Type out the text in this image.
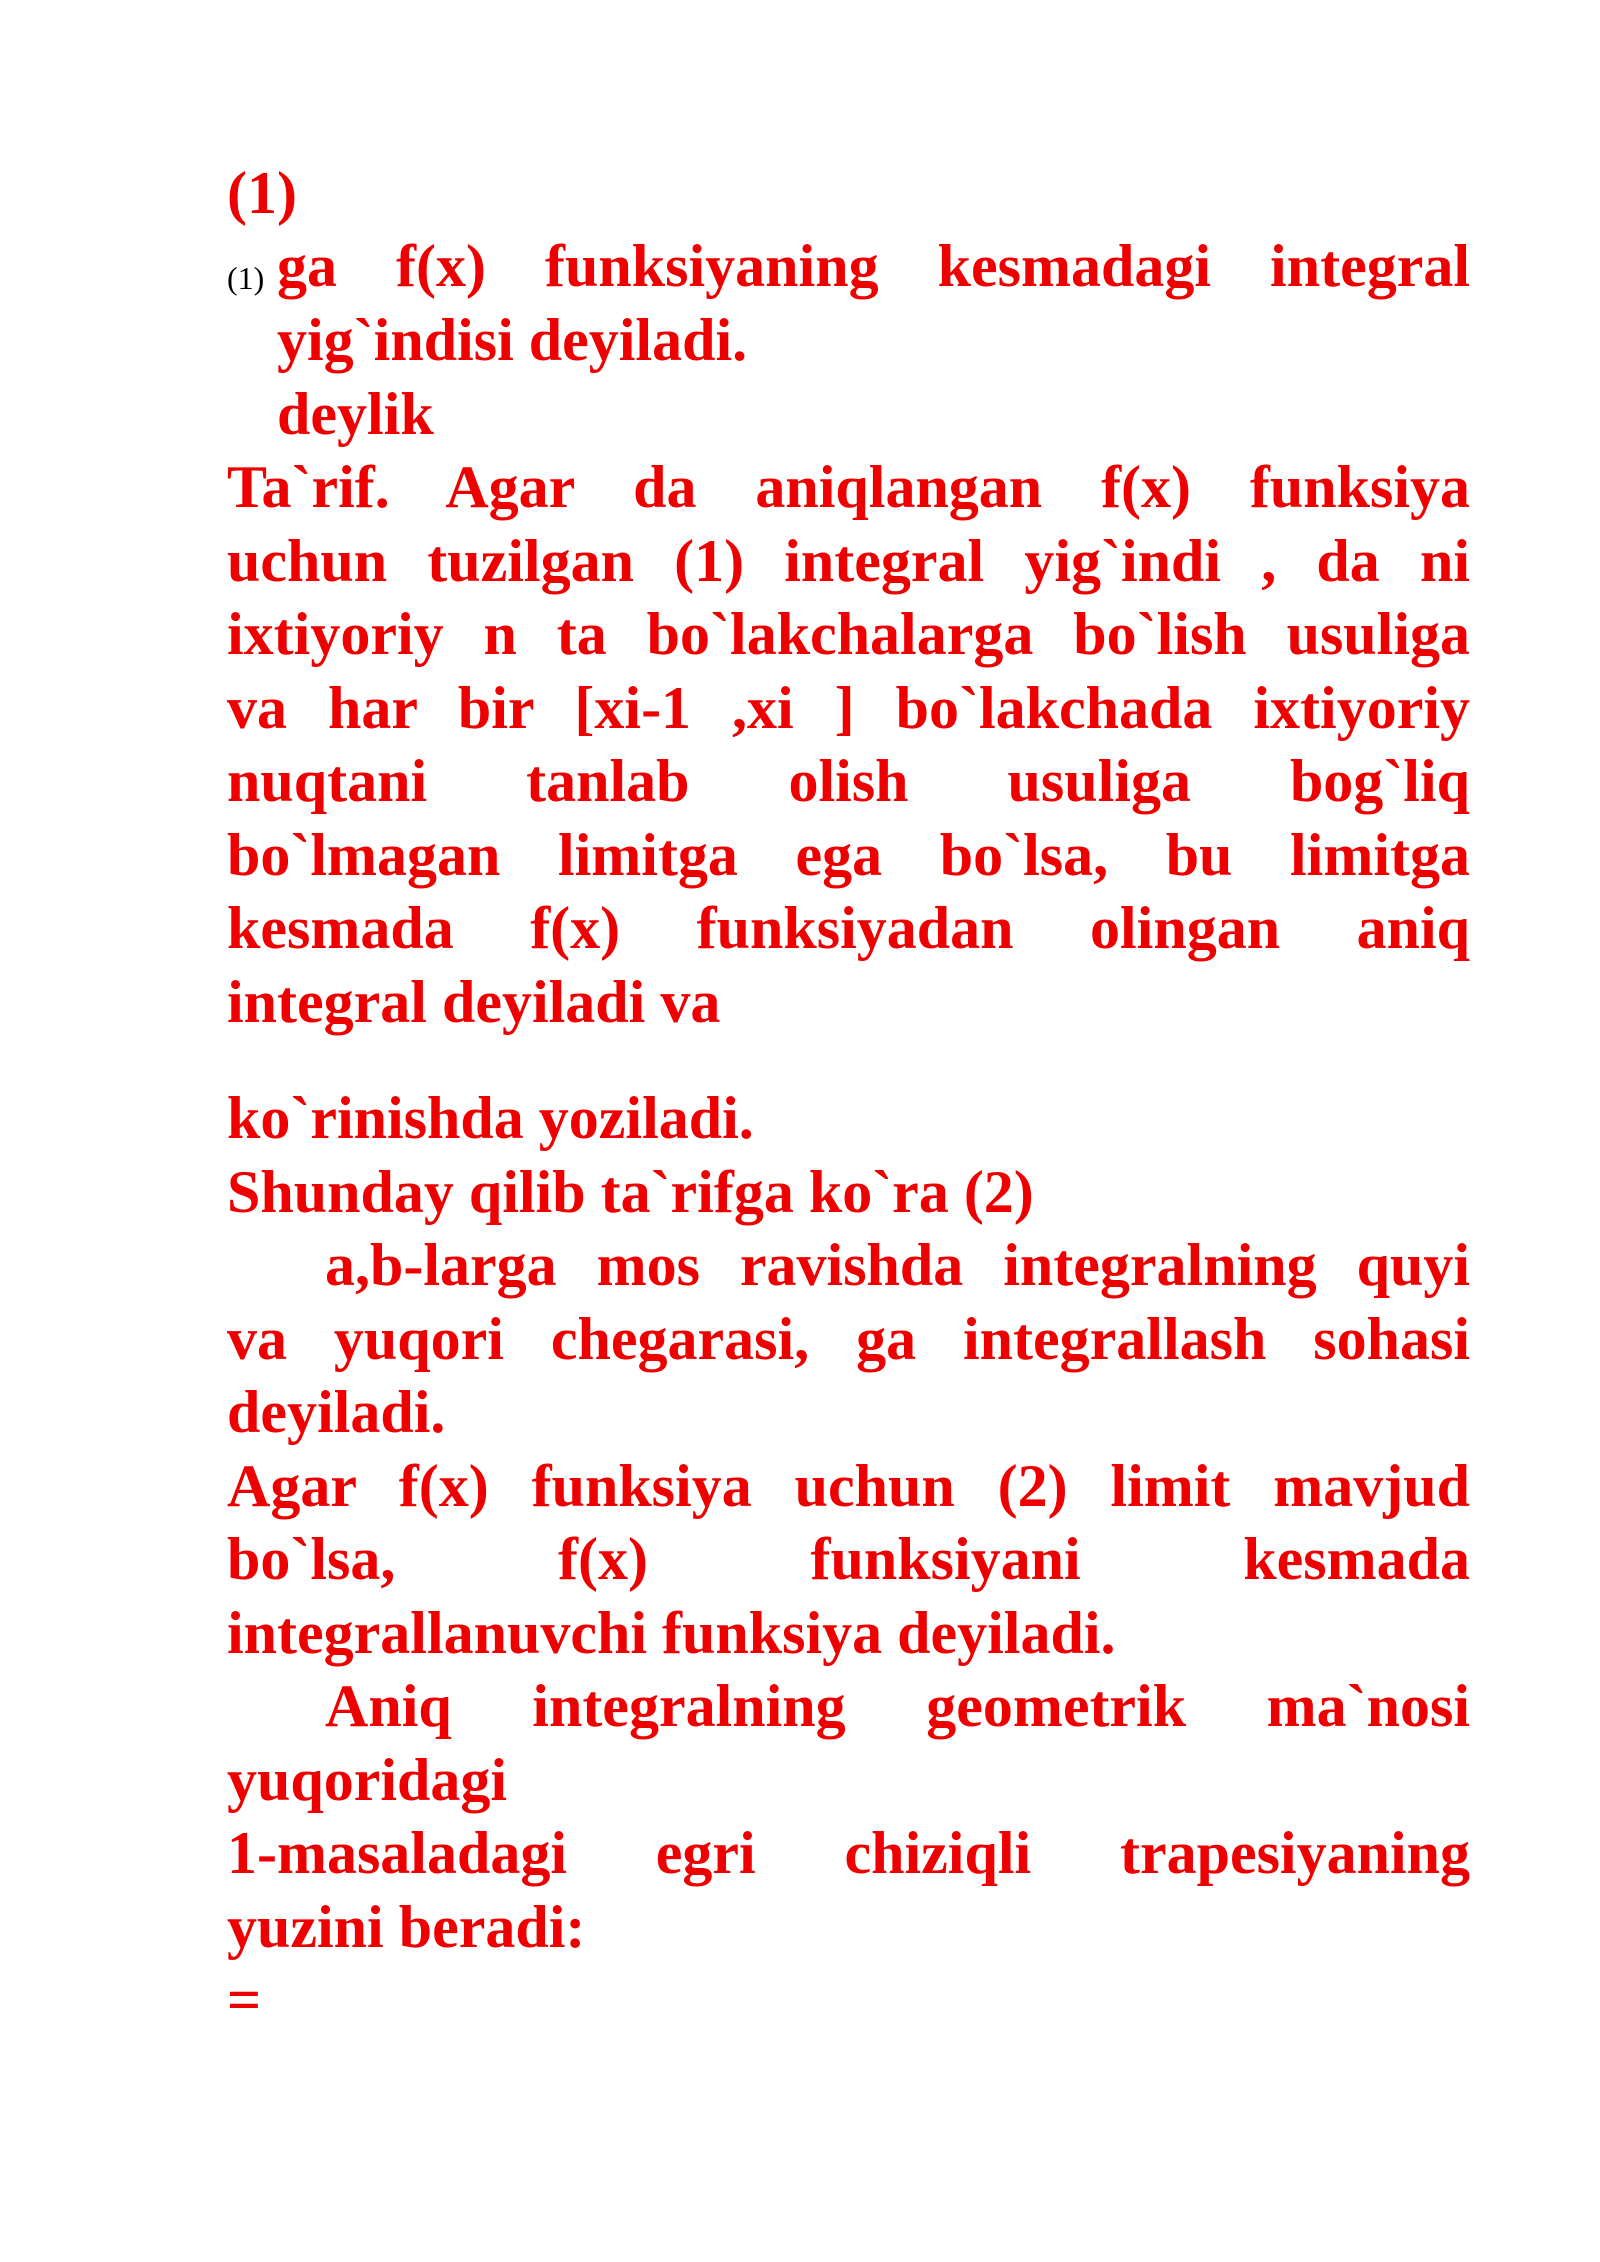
(1)
(1) ga f(x) funksiyaning kesmadagi integral
yig`indisi deyiladi.
deylik
Ta`rif. Agar da aniqlangan f(x) funksiya
uchun tuzilgan (1) integral yig`indi , da ni
ixtiyoriy n ta bo`lakchalarga bo`lish usuliga
va har bir [xi-1 ,xi ] bo`lakchada ixtiyoriy
nuqtani tanlab olish usuliga bog`liq
bo`lmagan limitga ega bo`lsa, bu limitga
kesmada f(x) funksiyadan olingan aniq
integral deyiladi va
ko`rinishda yoziladi.
Shunday qilib ta`rifga ko`ra (2)
a,b-larga mos ravishda integralning quyi
va yuqori chegarasi, ga integrallash sohasi
deyiladi.
Agar f(x) funksiya uchun (2) limit mavjud
bo`lsa, f(x) funksiyani kesmada
integrallanuvchi funksiya deyiladi.
Aniq integralning geometrik ma`nosi
yuqoridagi
1-masaladagi egri chiziqli trapesiyaning
yuzini beradi:
=
